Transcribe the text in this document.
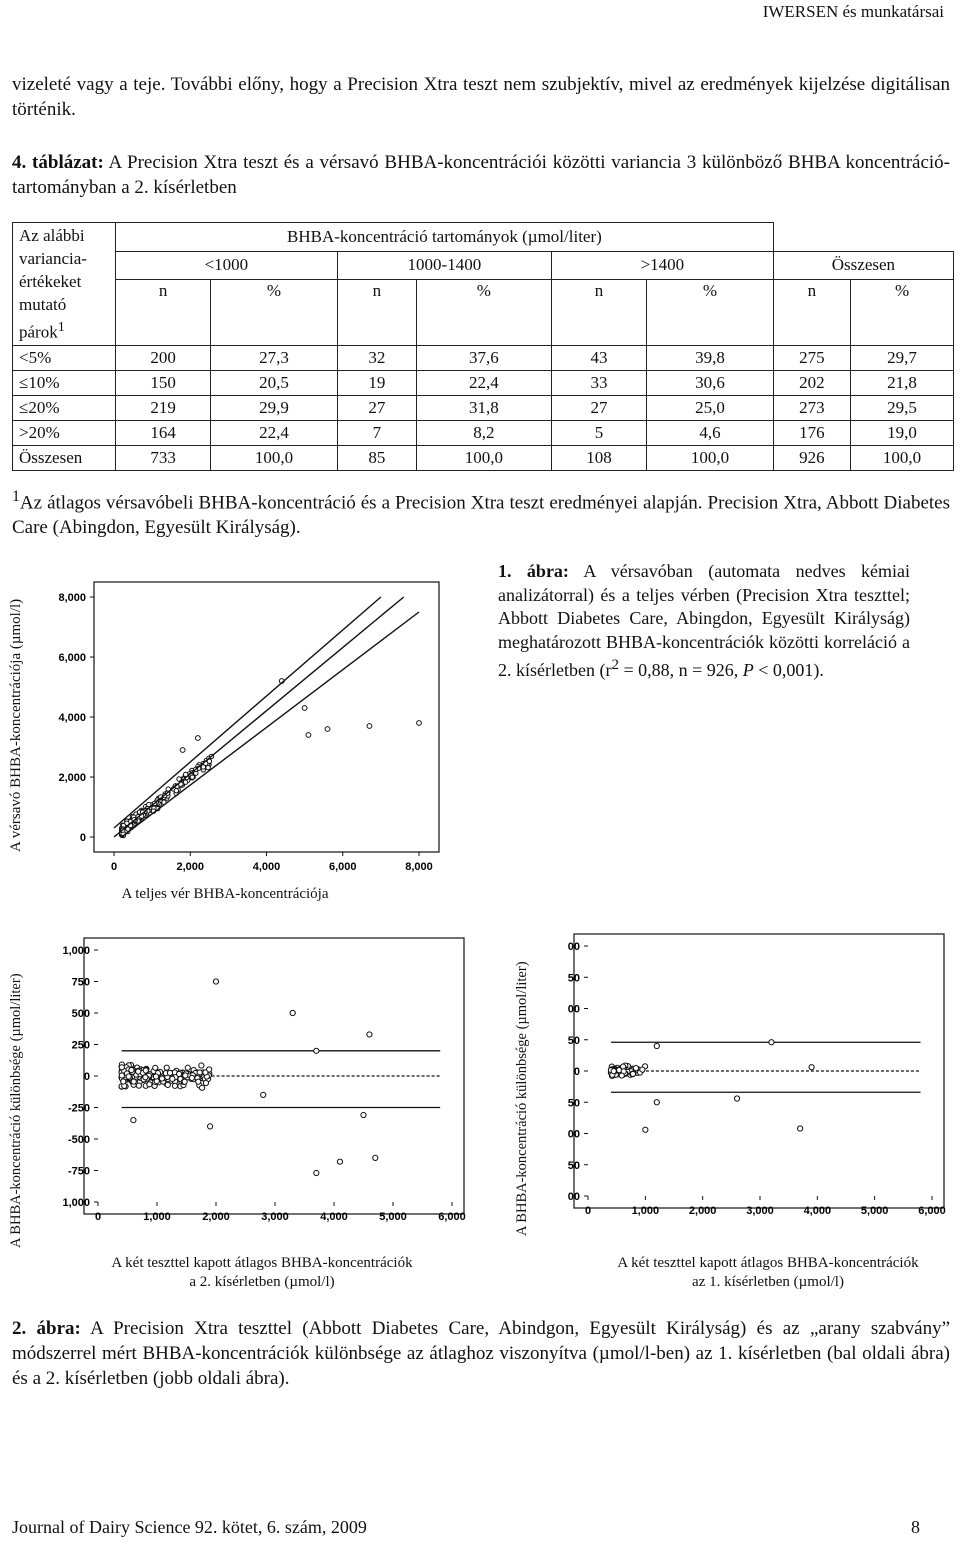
IWERSEN és munkatársai
vizeleté vagy a teje. További előny, hogy a Precision Xtra teszt nem szubjektív, mivel az eredmények kijelzése digitálisan történik.
4. táblázat: A Precision Xtra teszt és a vérsavó BHBA-koncentrációi közötti variancia 3 különböző BHBA koncentráció-tartományban a 2. kísérletben
Az alábbi
variancia-
értékeket
mutató
párok$^1$	BHBA-koncentráció tartományok (µmol/liter)							
	<1000		1000-1400		>1400		Összesen	
	n	%	n	%	n	%	n	%
<5%	200	27,3	32	37,6	43	39,8	275	29,7
≤10%	150	20,5	19	22,4	33	30,6	202	21,8
≤20%	219	29,9	27	31,8	27	25,0	273	29,5
>20%	164	22,4	7	8,2	5	4,6	176	19,0
Összesen	733	100,0	85	100,0	108	100,0	926	100,0
$^1$Az átlagos vérsavóbeli BHBA-koncentráció és a Precision Xtra teszt eredményei alapján. Precision Xtra, Abbott Diabetes Care (Abingdon, Egyesült Királyság).
A vérsavó BHBA-koncentrációja (µmol/l)
0	2,000	4,000	6,000	8,000
0
2,000
4,000
6,000
8,000
A teljes vér BHBA-koncentrációja
1. ábra: A vérsavóban (automata nedves kémiai analizátorral) és a teljes vérben (Precision Xtra teszttel; Abbott Diabetes Care, Abingdon, Egyesült Királyság) meghatározott BHBA-koncentrációk közötti korreláció a 2. kísérletben ($r^2 = 0,88$, n = 926, P < 0,001).
A BHBA-koncentráció különbsége (µmol/liter)	0	1,000	2,000	3,000	4,000	5,000	6,000
1,000
750
500
250
0
-250
-500
-750
1,000
A két teszttel kapott átlagos BHBA-koncentrációk
a 2. kísérletben (µmol/l)
A BHBA-koncentráció különbsége (µmol/liter)	0	1,000	2,000	3,000	4,000	5,000	6,000
00
50
00
50
0
50
00
50
00
A két teszttel kapott átlagos BHBA-koncentrációk
az 1. kísérletben (µmol/l)
2. ábra: A Precision Xtra teszttel (Abbott Diabetes Care, Abindgon, Egyesült Királyság) és az „arany szabvány” módszerrel mért BHBA-koncentrációk különbsége az átlaghoz viszonyítva (µmol/l-ben) az 1. kísérletben (bal oldali ábra) és a 2. kísérletben (jobb oldali ábra).
Journal of Dairy Science 92. kötet, 6. szám, 2009	8
